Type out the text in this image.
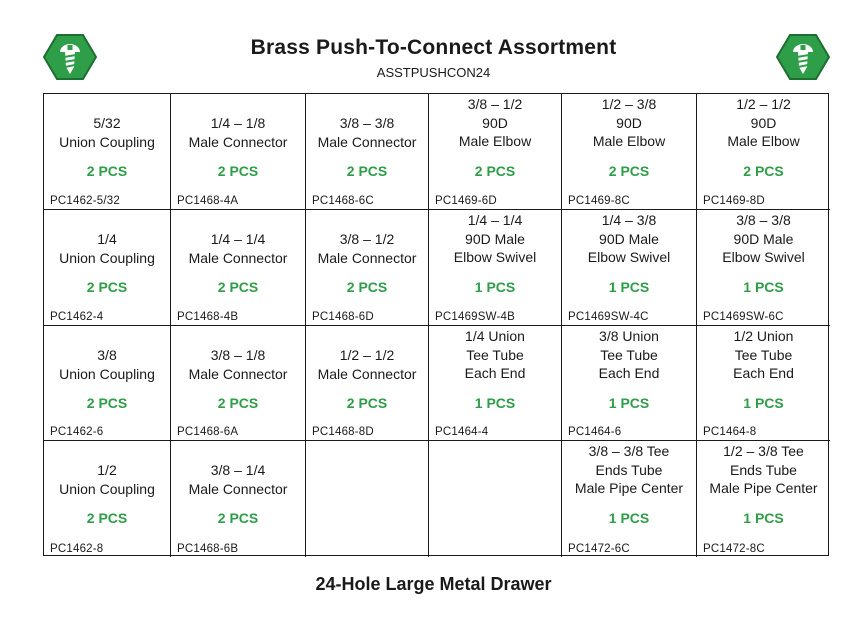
Brass Push-To-Connect Assortment
ASSTPUSHCON24
5/32
Union Coupling
2 PCS
PC1462-5/32
1/4 – 1/8
Male Connector
2 PCS
PC1468-4A
3/8 – 3/8
Male Connector
2 PCS
PC1468-6C
3/8 – 1/2
90D
Male Elbow
2 PCS
PC1469-6D
1/2 – 3/8
90D
Male Elbow
2 PCS
PC1469-8C
1/2 – 1/2
90D
Male Elbow
2 PCS
PC1469-8D
1/4
Union Coupling
2 PCS
PC1462-4
1/4 – 1/4
Male Connector
2 PCS
PC1468-4B
3/8 – 1/2
Male Connector
2 PCS
PC1468-6D
1/4 – 1/4
90D Male
Elbow Swivel
1 PCS
PC1469SW-4B
1/4 – 3/8
90D Male
Elbow Swivel
1 PCS
PC1469SW-4C
3/8 – 3/8
90D Male
Elbow Swivel
1 PCS
PC1469SW-6C
3/8
Union Coupling
2 PCS
PC1462-6
3/8 – 1/8
Male Connector
2 PCS
PC1468-6A
1/2 – 1/2
Male Connector
2 PCS
PC1468-8D
1/4 Union
Tee Tube
Each End
1 PCS
PC1464-4
3/8 Union
Tee Tube
Each End
1 PCS
PC1464-6
1/2 Union
Tee Tube
Each End
1 PCS
PC1464-8
1/2
Union Coupling
2 PCS
PC1462-8
3/8 – 1/4
Male Connector
2 PCS
PC1468-6B
3/8 – 3/8 Tee
Ends Tube
Male Pipe Center
1 PCS
PC1472-6C
1/2 – 3/8 Tee
Ends Tube
Male Pipe Center
1 PCS
PC1472-8C
24-Hole Large Metal Drawer
